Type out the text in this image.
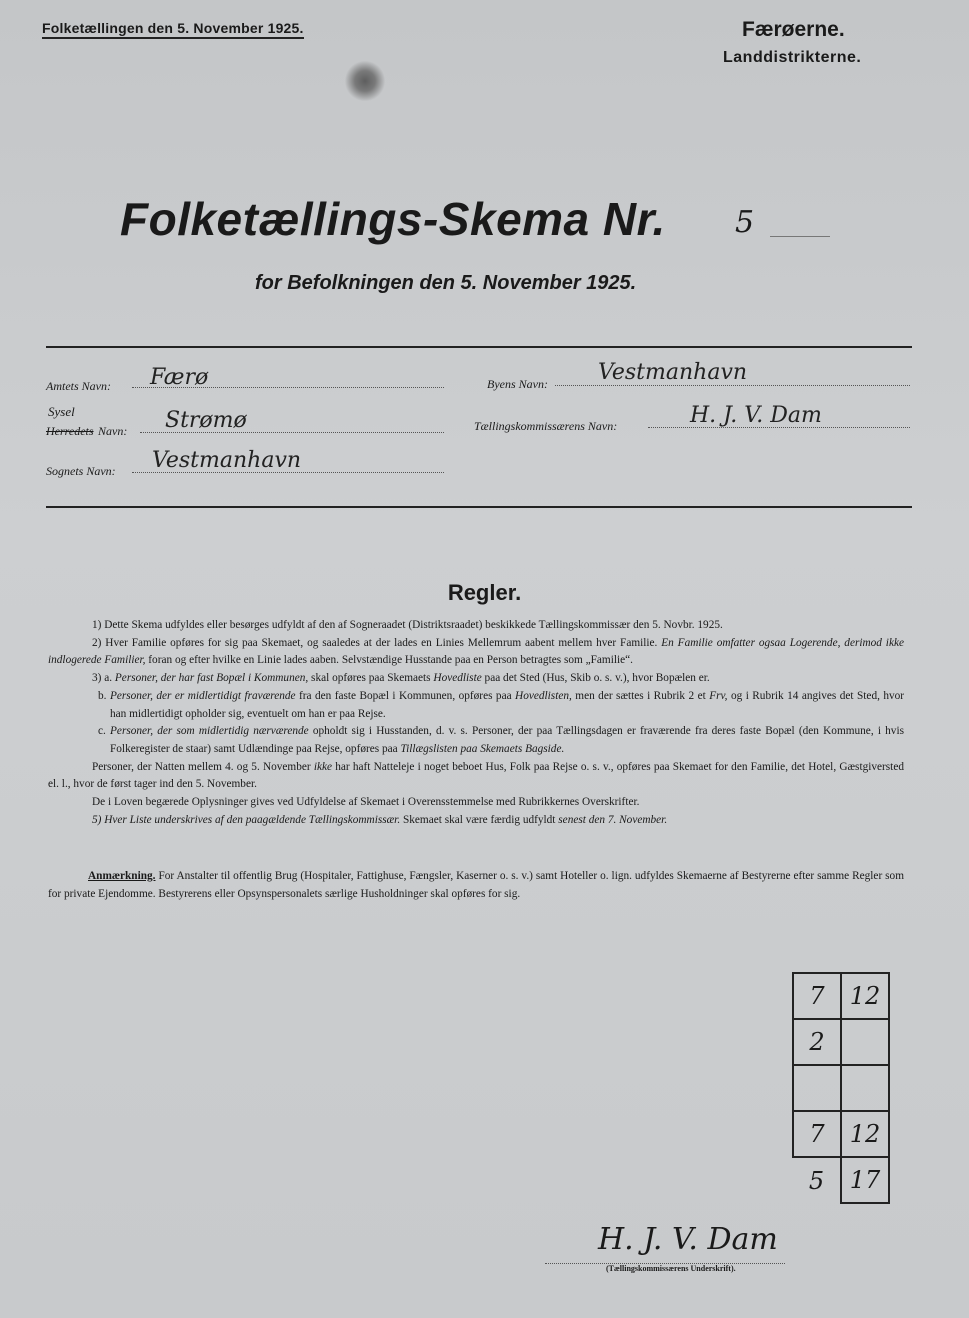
Folketællingen den 5. November 1925.	Færøerne.
Landdistrikterne.
Folketællings-Skema Nr. 5
for Befolkningen den 5. November 1925.
Amtets Navn: Færø
Sysel
Herredets Navn: Strømø
Sognets Navn: Vestmanhavn
Byens Navn: Vestmanhavn
Tællingskommissærens Navn:	H. J. V. Dam
Regler.

1) Dette Skema udfyldes eller besørges udfyldt af den af Sogneraadet (Distriktsraadet) beskikkede Tællingskommissær den 5. Novbr. 1925.

2) Hver Familie opføres for sig paa Skemaet, og saaledes at der lades en Linies Mellemrum aabent mellem hver Familie. En Familie omfatter ogsaa Logerende, derimod ikke indlogerede Familier, foran og efter hvilke en Linie lades aaben. Selvstændige Husstande paa en Person betragtes som „Familie“.

3) a. Personer, der har fast Bopæl i Kommunen, skal opføres paa Skemaets Hovedliste paa det Sted (Hus, Skib o. s. v.), hvor Bopælen er.

b. Personer, der er midlertidigt fraværende fra den faste Bopæl i Kommunen, opføres paa Hovedlisten, men der sættes i Rubrik 2 et Frv, og i Rubrik 14 angives det Sted, hvor han midlertidigt opholder sig, eventuelt om han er paa Rejse.

c. Personer, der som midlertidig nærværende opholdt sig i Husstanden, d. v. s. Personer, der paa Tællingsdagen er fraværende fra deres faste Bopæl (den Kommune, i hvis Folkeregister de staar) samt Udlændinge paa Rejse, opføres paa Tillægslisten paa Skemaets Bagside.

Personer, der Natten mellem 4. og 5. November ikke har haft Natteleje i noget beboet Hus, Folk paa Rejse o. s. v., opføres paa Skemaet for den Familie, det Hotel, Gæstgiversted el. l., hvor de først tager ind den 5. November.

De i Loven begærede Oplysninger gives ved Udfyldelse af Skemaet i Overensstemmelse med Rubrikkernes Overskrifter.

5) Hver Liste underskrives af den paagældende Tællingskommissær. Skemaet skal være færdig udfyldt senest den 7. November.

Anmærkning. For Anstalter til offentlig Brug (Hospitaler, Fattighuse, Fængsler, Kaserner o. s. v.) samt Hoteller o. lign. udfyldes Skemaerne af Bestyrerne efter samme Regler som for private Ejendomme. Bestyrerens eller Opsynspersonalets særlige Husholdninger skal opføres for sig.

7	12
2	

7	12
5	17
H. J. V. Dam
(Tællingskommissærens Underskrift).
